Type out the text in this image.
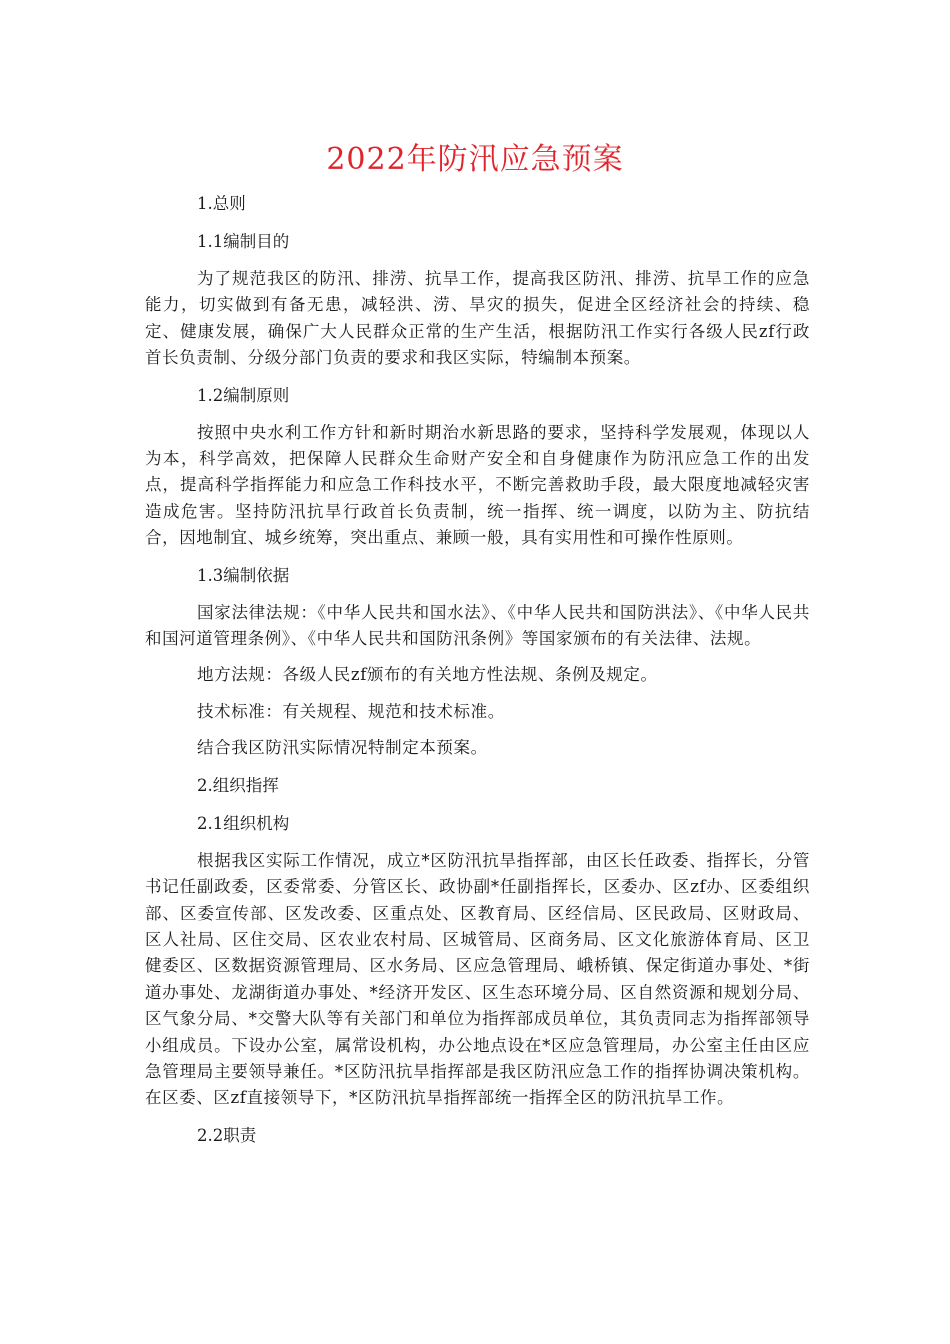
2022年防汛应急预案
1.总则
1.1编制目的
为了规范我区的防汛、排涝、抗旱工作，提高我区防汛、排涝、抗旱工作的应急能力，切实做到有备无患，减轻洪、涝、旱灾的损失，促进全区经济社会的持续、稳定、健康发展，确保广大人民群众正常的生产生活，根据防汛工作实行各级人民zf行政首长负责制、分级分部门负责的要求和我区实际，特编制本预案。
1.2编制原则
按照中央水利工作方针和新时期治水新思路的要求，坚持科学发展观，体现以人为本，科学高效，把保障人民群众生命财产安全和自身健康作为防汛应急工作的出发点，提高科学指挥能力和应急工作科技水平，不断完善救助手段，最大限度地减轻灾害造成危害。坚持防汛抗旱行政首长负责制，统一指挥、统一调度，以防为主、防抗结合，因地制宜、城乡统筹，突出重点、兼顾一般，具有实用性和可操作性原则。
1.3编制依据
国家法律法规：《中华人民共和国水法》、《中华人民共和国防洪法》、《中华人民共和国河道管理条例》、《中华人民共和国防汛条例》等国家颁布的有关法律、法规。
地方法规：各级人民zf颁布的有关地方性法规、条例及规定。
技术标准：有关规程、规范和技术标准。
结合我区防汛实际情况特制定本预案。
2.组织指挥
2.1组织机构
根据我区实际工作情况，成立*区防汛抗旱指挥部，由区长任政委、指挥长，分管书记任副政委，区委常委、分管区长、政协副*任副指挥长，区委办、区zf办、区委组织部、区委宣传部、区发改委、区重点处、区教育局、区经信局、区民政局、区财政局、区人社局、区住交局、区农业农村局、区城管局、区商务局、区文化旅游体育局、区卫健委区、区数据资源管理局、区水务局、区应急管理局、峨桥镇、保定街道办事处、*街道办事处、龙湖街道办事处、*经济开发区、区生态环境分局、区自然资源和规划分局、区气象分局、*交警大队等有关部门和单位为指挥部成员单位，其负责同志为指挥部领导小组成员。下设办公室，属常设机构，办公地点设在*区应急管理局，办公室主任由区应急管理局主要领导兼任。*区防汛抗旱指挥部是我区防汛应急工作的指挥协调决策机构。在区委、区zf直接领导下，*区防汛抗旱指挥部统一指挥全区的防汛抗旱工作。
2.2职责
